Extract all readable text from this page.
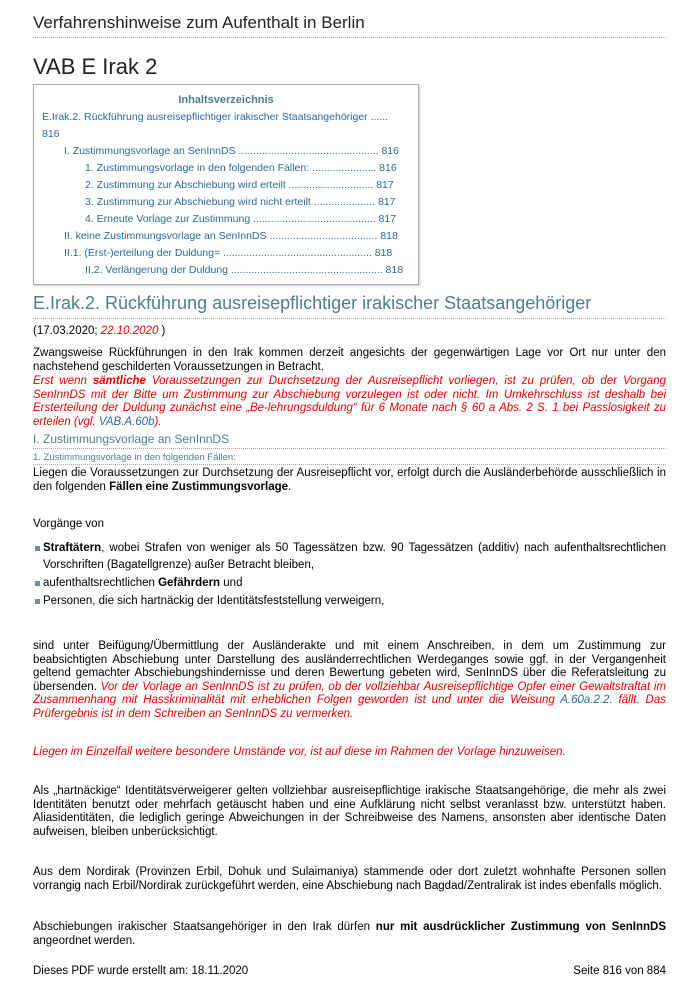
Verfahrenshinweise zum Aufenthalt in Berlin
VAB E Irak 2
Inhaltsverzeichnis
E.Irak.2. Rückführung ausreisepflichtiger irakischer Staatsangehöriger ......
816
I. Zustimmungsvorlage an SenInnDS ................................................ 816
1. Zustimmungsvorlage in den folgenden Fällen: ...................... 816
2. Zustimmung zur Abschiebung wird erteilt ............................. 817
3. Zustimmung zur Abschiebung wird nicht erteilt ..................... 817
4. Erneute Vorlage zur Zustimmung .......................................... 817
II. keine Zustimmungsvorlage an SenInnDS ..................................... 818
II.1. (Erst-)erteilung der Duldung= ................................................... 818
II.2. Verlängerung der Duldung .................................................... 818
E.Irak.2. Rückführung ausreisepflichtiger irakischer Staatsangehöriger
(17.03.2020; 22.10.2020 )
Zwangsweise Rückführungen in den Irak kommen derzeit angesichts der gegenwärtigen Lage vor Ort nur unter den nachstehend geschilderten Voraussetzungen in Betracht.
Erst wenn sämtliche Voraussetzungen zur Durchsetzung der Ausreisepflicht vorliegen, ist zu prüfen, ob der Vorgang SenInnDS mit der Bitte um Zustimmung zur Abschiebung vorzulegen ist oder nicht. Im Umkehrschluss ist deshalb bei Ersterteilung der Duldung zunächst eine „Be-lehrungsduldung“ für 6 Monate nach § 60 a Abs. 2 S. 1 bei Passlosigkeit zu erteilen (vgl. VAB.A.60b).
I. Zustimmungsvorlage an SenInnDS
1. Zustimmungsvorlage in den folgenden Fällen:
Liegen die Voraussetzungen zur Durchsetzung der Ausreisepflicht vor, erfolgt durch die Ausländerbehörde ausschließlich in den folgenden Fällen eine Zustimmungsvorlage.
Vorgänge von
Straftätern, wobei Strafen von weniger als 50 Tagessätzen bzw. 90 Tagessätzen (additiv) nach aufenthaltsrechtlichen Vorschriften (Bagatellgrenze) außer Betracht bleiben,
aufenthaltsrechtlichen Gefährdern und
Personen, die sich hartnäckig der Identitätsfeststellung verweigern,
sind unter Beifügung/Übermittlung der Ausländerakte und mit einem Anschreiben, in dem um Zustimmung zur beabsichtigten Abschiebung unter Darstellung des ausländerrechtlichen Werdeganges sowie ggf. in der Vergangenheit geltend gemachter Abschiebungshindernisse und deren Bewertung gebeten wird, SenInnDS über die Referatsleitung zu übersenden. Vor der Vorlage an SenInnDS ist zu prüfen, ob der vollziehbar Ausreisepflichtige Opfer einer Gewaltstraftat im Zusammenhang mit Hasskriminalität mit erheblichen Folgen geworden ist und unter die Weisung A.60a.2.2. fällt. Das Prüfergebnis ist in dem Schreiben an SenInnDS zu vermerken.
Liegen im Einzelfall weitere besondere Umstände vor, ist auf diese im Rahmen der Vorlage hinzuweisen.
Als „hartnäckige“ Identitätsverweigerer gelten vollziehbar ausreisepflichtige irakische Staatsangehörige, die mehr als zwei Identitäten benutzt oder mehrfach getäuscht haben und eine Aufklärung nicht selbst veranlasst bzw. unterstützt haben. Aliasidentitäten, die lediglich geringe Abweichungen in der Schreibweise des Namens, ansonsten aber identische Daten aufweisen, bleiben unberücksichtigt.
Aus dem Nordirak (Provinzen Erbil, Dohuk und Sulaimaniya) stammende oder dort zuletzt wohnhafte Personen sollen vorrangig nach Erbil/Nordirak zurückgeführt werden, eine Abschiebung nach Bagdad/Zentralirak ist indes ebenfalls möglich.
Abschiebungen irakischer Staatsangehöriger in den Irak dürfen nur mit ausdrücklicher Zustimmung von SenInnDS angeordnet werden.
Dieses PDF wurde erstellt am: 18.11.2020	Seite 816 von 884
